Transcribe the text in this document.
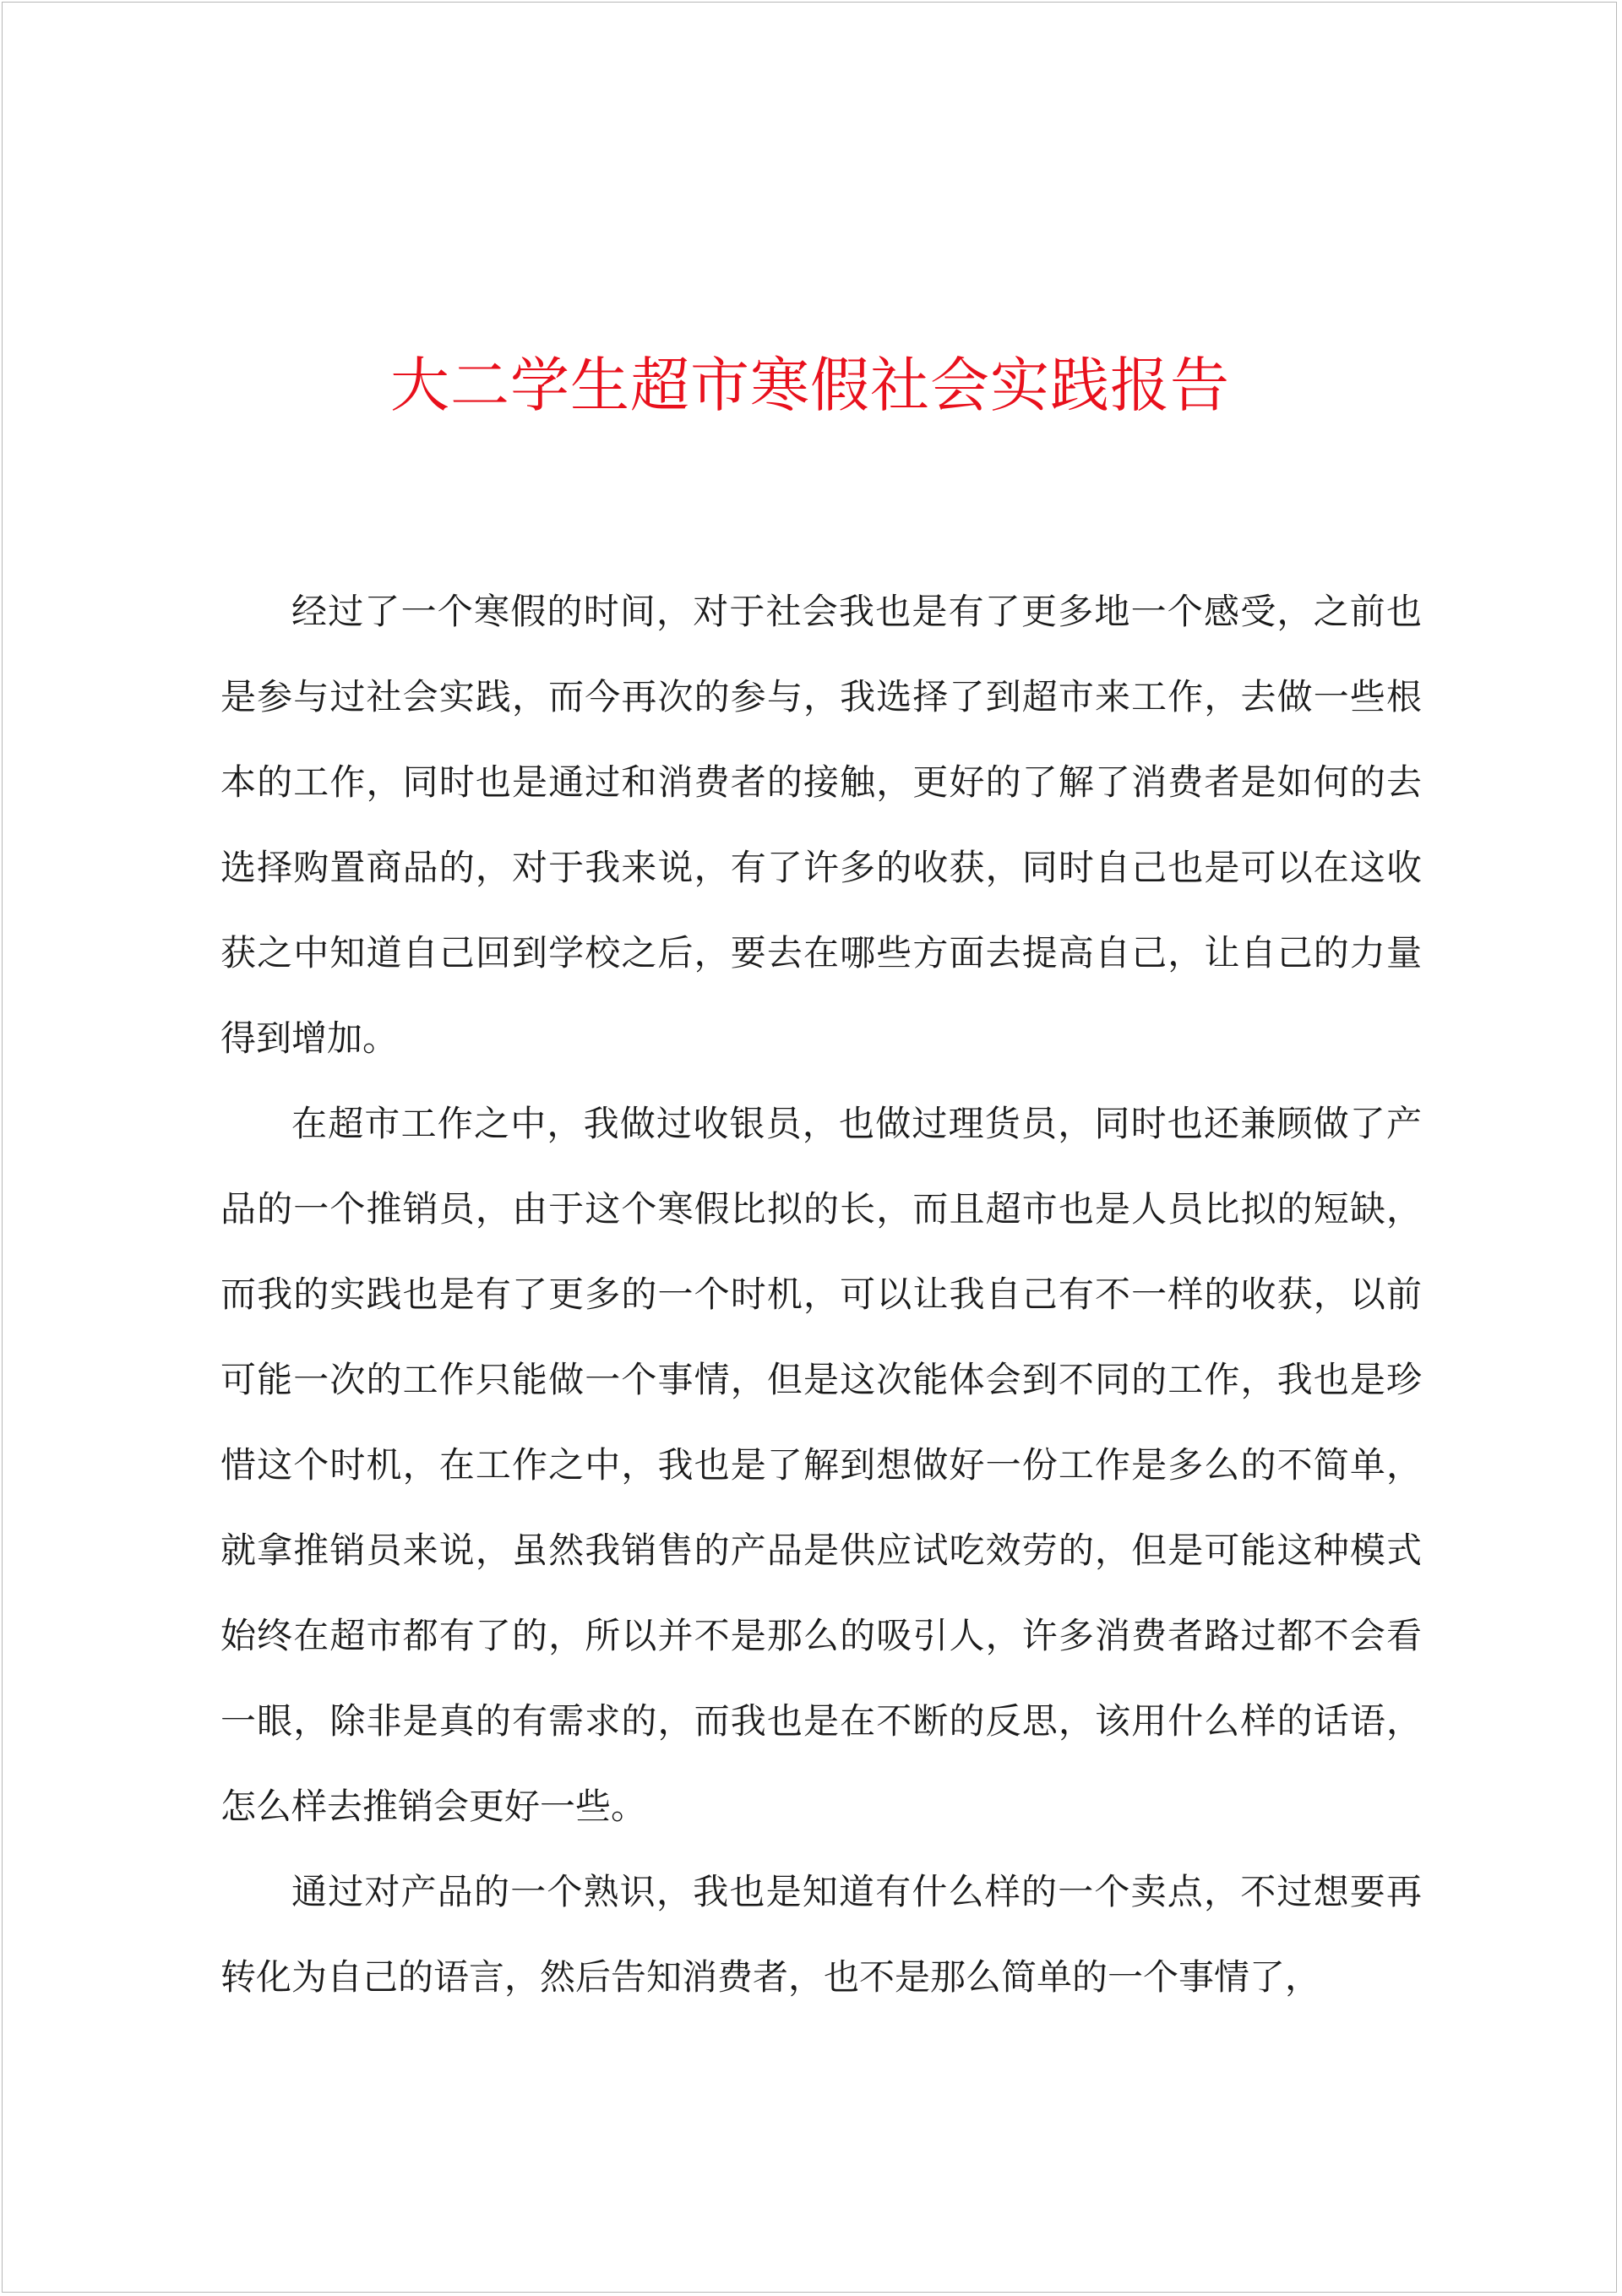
大二学生超市寒假社会实践报告

经过了一个寒假的时间，对于社会我也是有了更多地一个感受，之前也是参与过社会实践，而今再次的参与，我选择了到超市来工作，去做一些根本的工作，同时也是通过和消费者的接触，更好的了解了消费者是如何的去选择购置商品的，对于我来说，有了许多的收获，同时自己也是可以在这收获之中知道自己回到学校之后，要去在哪些方面去提高自己，让自己的力量得到增加。

在超市工作之中，我做过收银员，也做过理货员，同时也还兼顾做了产品的一个推销员，由于这个寒假比拟的长，而且超市也是人员比拟的短缺，而我的实践也是有了更多的一个时机，可以让我自己有不一样的收获，以前可能一次的工作只能做一个事情，但是这次能体会到不同的工作，我也是珍惜这个时机，在工作之中，我也是了解到想做好一份工作是多么的不简单，就拿推销员来说，虽然我销售的产品是供应试吃效劳的，但是可能这种模式始终在超市都有了的，所以并不是那么的吸引人，许多消费者路过都不会看一眼，除非是真的有需求的，而我也是在不断的反思，该用什么样的话语，怎么样去推销会更好一些。

通过对产品的一个熟识，我也是知道有什么样的一个卖点，不过想要再转化为自己的语言，然后告知消费者，也不是那么简单的一个事情了，
